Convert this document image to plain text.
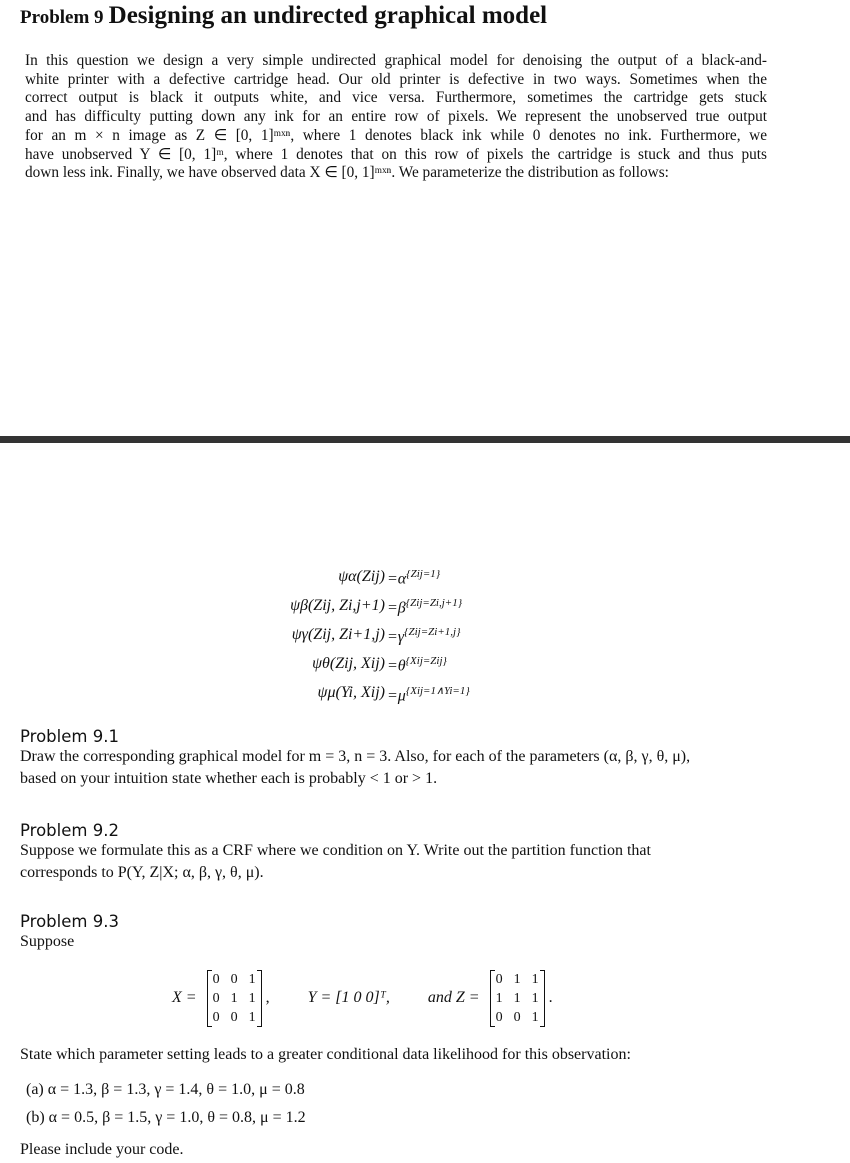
Problem 9 Designing an undirected graphical model

In this question we design a very simple undirected graphical model for denoising the output of a black-and-
white printer with a defective cartridge head. Our old printer is defective in two ways. Sometimes when the
correct output is black it outputs white, and vice versa. Furthermore, sometimes the cartridge gets stuck
and has difficulty putting down any ink for an entire row of pixels. We represent the unobserved true output
for an m × n image as Z ∈ [0, 1]ᵐˣⁿ, where 1 denotes black ink while 0 denotes no ink. Furthermore, we
have unobserved Y ∈ [0, 1]ᵐ, where 1 denotes that on this row of pixels the cartridge is stuck and thus puts
down less ink. Finally, we have observed data X ∈ [0, 1]ᵐˣⁿ. We parameterize the distribution as follows:

$\psi\alpha(Zij) =\alpha^{\{Zij=1\}}$
ψβ(Zij, $Zi,j+1) =\beta^{\{Zij=Zi,j+1\}}$
ψγ(Zij, $Zi+1,j) =\gamma^{\{Zij=Zi+1,j\}}$
ψθ(Zij, $Xij) =\theta^{\{Xij=Zij\}}$
ψμ(Yi, $Xij) =\mu^{\{Xij=1\wedge Yi=1\}}$

Problem 9.1

Draw the corresponding graphical model for m = 3, n = 3. Also, for each of the parameters (α, β, γ, θ, μ),

based on your intuition state whether each is probably < 1 or > 1.

Problem 9.2

Suppose we formulate this as a CRF where we condition on Y. Write out the partition function that

corresponds to P(Y, Z|X; α, β, γ, θ, μ).

Problem 9.3

Suppose

X =
0 0 1
0 1 1
0 0 1
,
Y = [1 0 0]ᵀ,
and Z =
0 1 1
1 1 1
0 0 1
.

State which parameter setting leads to a greater conditional data likelihood for this observation:

(a) α = 1.3, β = 1.3, γ = 1.4, θ = 1.0, μ = 0.8
(b) α = 0.5, β = 1.5, γ = 1.0, θ = 0.8, μ = 1.2

Please include your code.
